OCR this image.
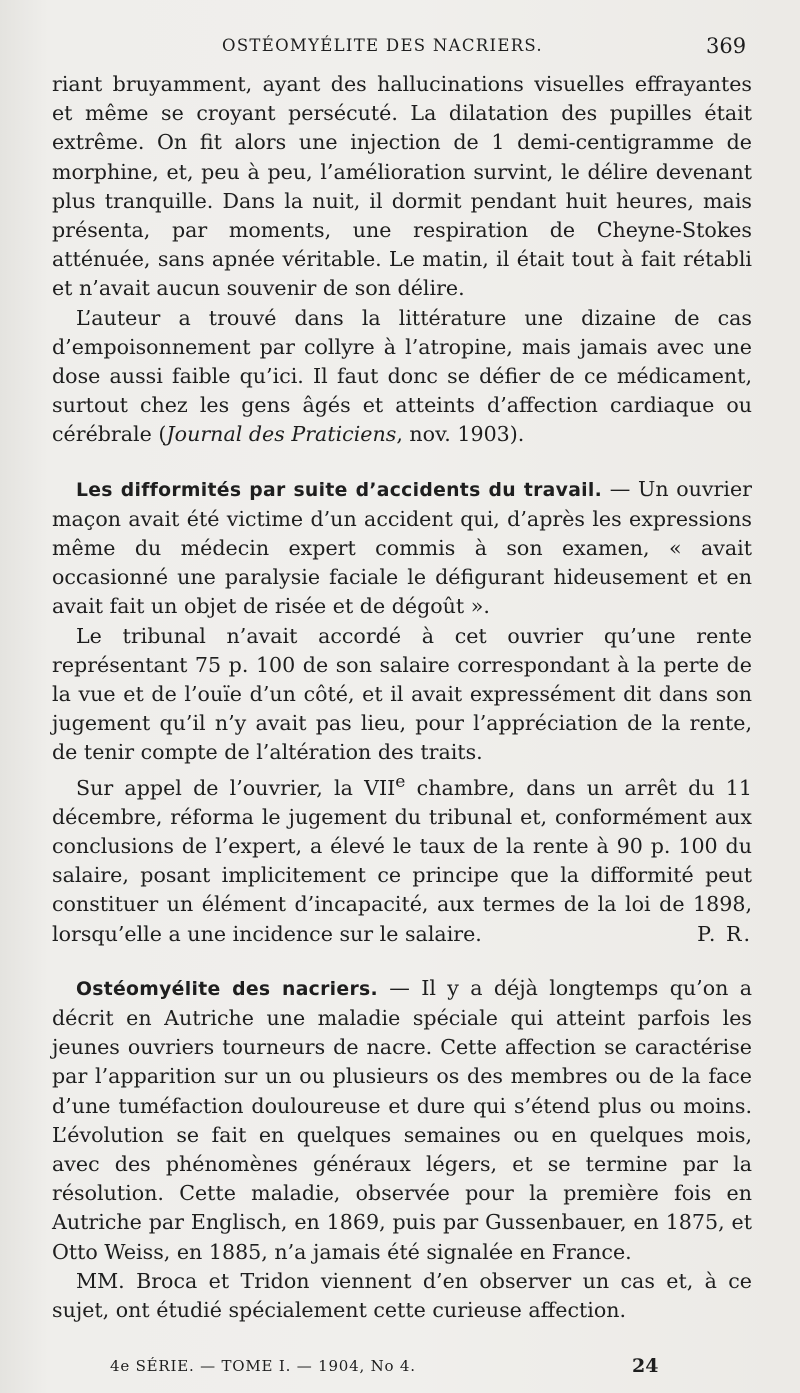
OSTÉOMYÉLITE DES NACRIERS.	369

riant bruyamment, ayant des hallucinations visuelles effrayantes et même se croyant persécuté. La dilatation des pupilles était extrême. On fit alors une injection de 1 demi-centigramme de morphine, et, peu à peu, l’amélioration survint, le délire devenant plus tranquille. Dans la nuit, il dormit pendant huit heures, mais présenta, par moments, une respiration de Cheyne-Stokes atténuée, sans apnée véritable. Le matin, il était tout à fait rétabli et n’avait aucun souvenir de son délire.

L’auteur a trouvé dans la littérature une dizaine de cas d’empoisonnement par collyre à l’atropine, mais jamais avec une dose aussi faible qu’ici. Il faut donc se défier de ce médicament, surtout chez les gens âgés et atteints d’affection cardiaque ou cérébrale (Journal des Praticiens, nov. 1903).

Les difformités par suite d’accidents du travail. — Un ouvrier maçon avait été victime d’un accident qui, d’après les expressions même du médecin expert commis à son examen, « avait occasionné une paralysie faciale le défigurant hideusement et en avait fait un objet de risée et de dégoût ».

Le tribunal n’avait accordé à cet ouvrier qu’une rente représentant 75 p. 100 de son salaire correspondant à la perte de la vue et de l’ouïe d’un côté, et il avait expressément dit dans son jugement qu’il n’y avait pas lieu, pour l’appréciation de la rente, de tenir compte de l’altération des traits.

Sur appel de l’ouvrier, la VIIe chambre, dans un arrêt du 11 décembre, réforma le jugement du tribunal et, conformément aux conclusions de l’expert, a élevé le taux de la rente à 90 p. 100 du salaire, posant implicitement ce principe que la difformité peut constituer un élément d’incapacité, aux termes de la loi de 1898, lorsqu’elle a une incidence sur le salaire.	P. R.

Ostéomyélite des nacriers. — Il y a déjà longtemps qu’on a décrit en Autriche une maladie spéciale qui atteint parfois les jeunes ouvriers tourneurs de nacre. Cette affection se caractérise par l’apparition sur un ou plusieurs os des membres ou de la face d’une tuméfaction douloureuse et dure qui s’étend plus ou moins. L’évolution se fait en quelques semaines ou en quelques mois, avec des phénomènes généraux légers, et se termine par la résolution. Cette maladie, observée pour la première fois en Autriche par Englisch, en 1869, puis par Gussenbauer, en 1875, et Otto Weiss, en 1885, n’a jamais été signalée en France.

MM. Broca et Tridon viennent d’en observer un cas et, à ce sujet, ont étudié spécialement cette curieuse affection.

4e SÉRIE. — TOME I. — 1904, No 4.	24
